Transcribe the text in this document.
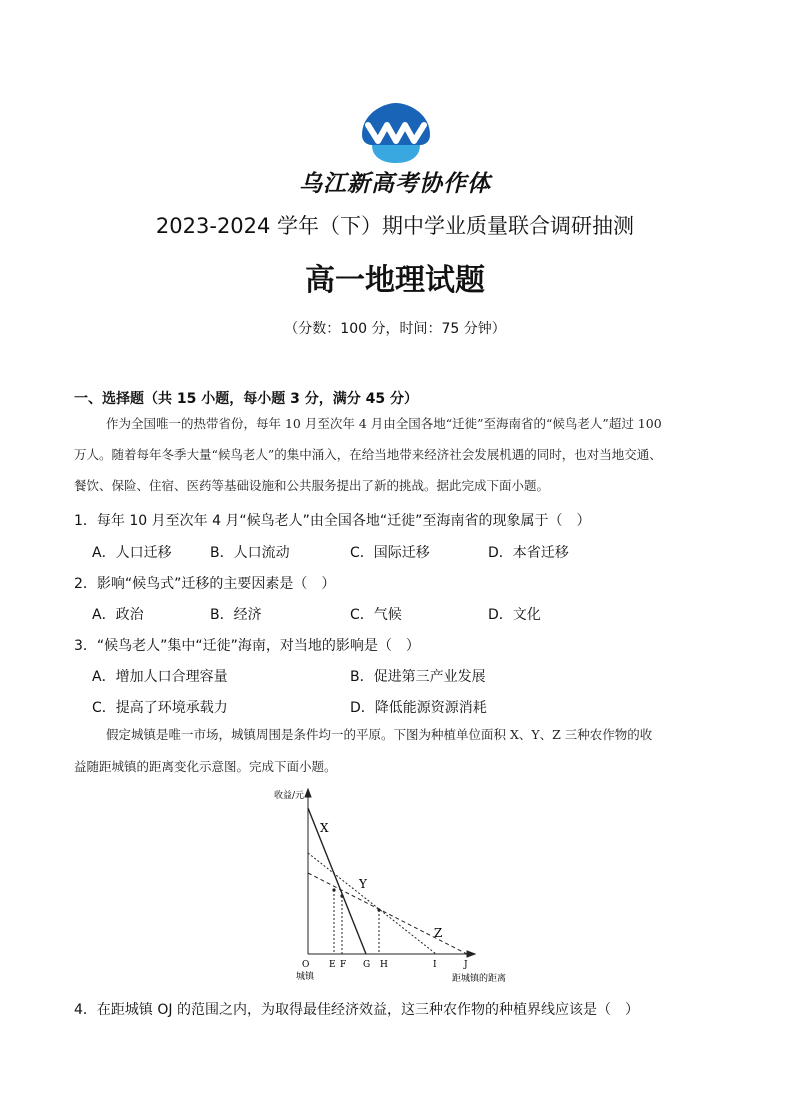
乌江新高考协作体
2023-2024 学年（下）期中学业质量联合调研抽测
高一地理试题
（分数：100 分，时间：75 分钟）
一、选择题（共 15 小题，每小题 3 分，满分 45 分）
作为全国唯一的热带省份，每年 10 月至次年 4 月由全国各地“迁徙”至海南省的“候鸟老人”超过 100
万人。随着每年冬季大量“候鸟老人”的集中涌入，在给当地带来经济社会发展机遇的同时，也对当地交通、
餐饮、保险、住宿、医药等基础设施和公共服务提出了新的挑战。据此完成下面小题。
1．每年 10 月至次年 4 月“候鸟老人”由全国各地“迁徙”至海南省的现象属于（　）
A．人口迁移	B．人口流动	C．国际迁移	D．本省迁移
2．影响“候鸟式”迁移的主要因素是（　）
A．政治	B．经济	C．气候	D．文化
3．“候鸟老人”集中“迁徙”海南，对当地的影响是（　）
A．增加人口合理容量	B．促进第三产业发展
C．提高了环境承载力	D．降低能源资源消耗
假定城镇是唯一市场，城镇周围是条件均一的平原。下图为种植单位面积 X、Y、Z 三种农作物的收
益随距城镇的距离变化示意图。完成下面小题。
收益/元
距城镇的距离
O
城镇
X
Y
Z
E F G H	I	J
4．在距城镇 OJ 的范围之内，为取得最佳经济效益，这三种农作物的种植界线应该是（　）
